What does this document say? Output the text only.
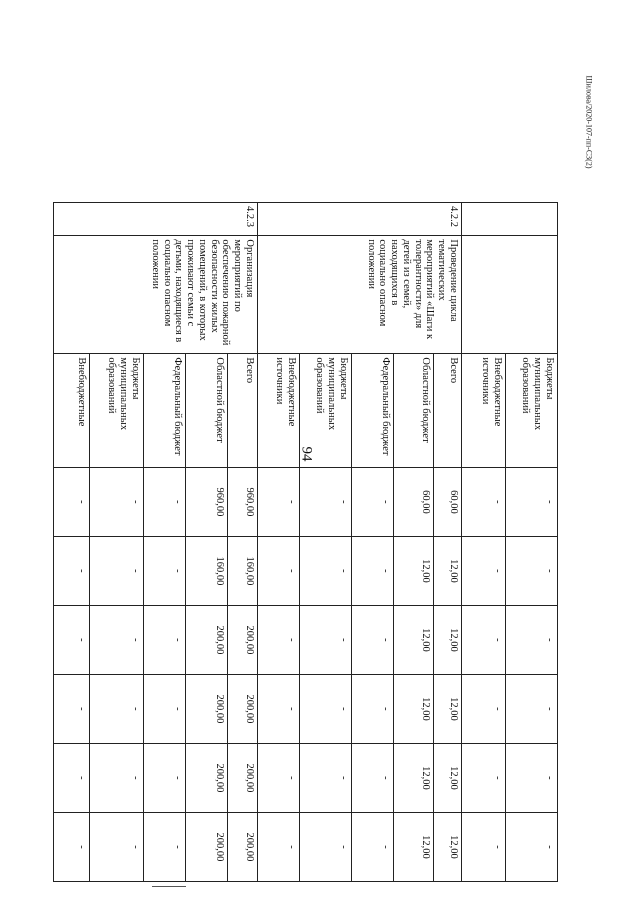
94
Шилова/2020-107-пп-С3(2)
		Бюджеты муниципальных образований	-	-	-	-	-	-
		Внебюджетные источники	-	-	-	-	-	-
4.2.2	Проведение цикла тематических мероприятий «Шаги к толерантности» для детей из семей, находящихся в социально опасном положении	Всего	60,00	12,00	12,00	12,00	12,00	12,00
		Областной бюджет	60,00	12,00	12,00	12,00	12,00	12,00
		Федеральный бюджет	-	-	-	-	-	-
		Бюджеты муниципальных образований	-	-	-	-	-	-
		Внебюджетные источники	-	-	-	-	-	-
4.2.3	Организация мероприятий по обеспечению пожарной безопасности жилых помещений, в которых проживают семьи с детьми, находящиеся в социально опасном положении	Всего	960,00	160,00	200,00	200,00	200,00	200,00
		Областной бюджет	960,00	160,00	200,00	200,00	200,00	200,00
		Федеральный бюджет	-	-	-	-	-	-
		Бюджеты муниципальных образований	-	-	-	-	-	-
		Внебюджетные	-	-	-	-	-	-
